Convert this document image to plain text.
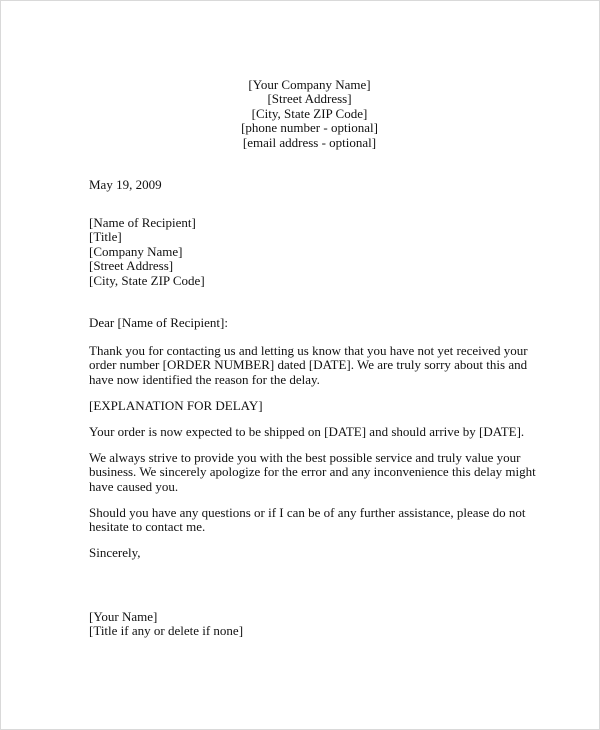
[Your Company Name]
[Street Address]
[City, State ZIP Code]
[phone number - optional]
[email address - optional]
May 19, 2009
[Name of Recipient]
[Title]
[Company Name]
[Street Address]
[City, State ZIP Code]
Dear [Name of Recipient]:
Thank you for contacting us and letting us know that you have not yet received your
order number [ORDER NUMBER] dated [DATE]. We are truly sorry about this and
have now identified the reason for the delay.
[EXPLANATION FOR DELAY]
Your order is now expected to be shipped on [DATE] and should arrive by [DATE].
We always strive to provide you with the best possible service and truly value your
business. We sincerely apologize for the error and any inconvenience this delay might
have caused you.
Should you have any questions or if I can be of any further assistance, please do not
hesitate to contact me.
Sincerely,
[Your Name]
[Title if any or delete if none]
